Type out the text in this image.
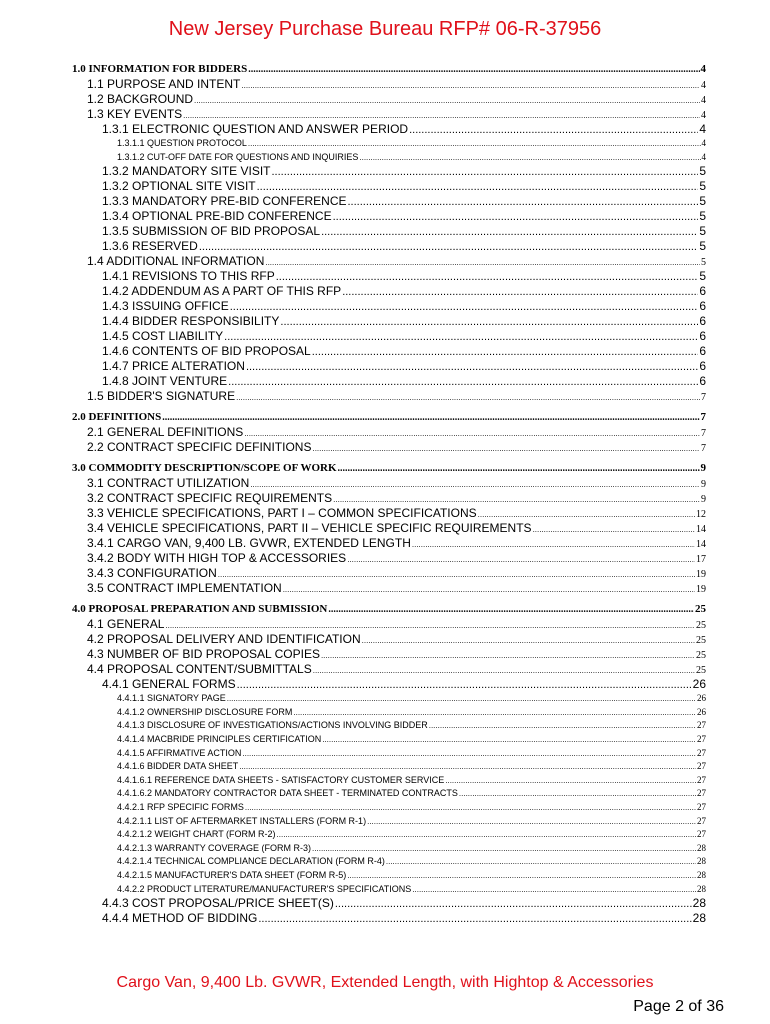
New Jersey Purchase Bureau RFP# 06-R-37956
1.0 INFORMATION FOR BIDDERS .....	4
1.1 PURPOSE AND INTENT .....	4
1.2 BACKGROUND .....	4
1.3 KEY EVENTS .....	4
1.3.1 ELECTRONIC QUESTION AND ANSWER PERIOD .....	4
1.3.1.1 QUESTION PROTOCOL .....	4
1.3.1.2 CUT-OFF DATE FOR QUESTIONS AND INQUIRIES .....	4
1.3.2 MANDATORY SITE VISIT .....	5
1.3.2 OPTIONAL SITE VISIT .....	5
1.3.3 MANDATORY PRE-BID CONFERENCE .....	5
1.3.4 OPTIONAL PRE-BID CONFERENCE .....	5
1.3.5 SUBMISSION OF BID PROPOSAL .....	5
1.3.6 RESERVED .....	5
1.4 ADDITIONAL INFORMATION .....	5
1.4.1 REVISIONS TO THIS RFP .....	5
1.4.2 ADDENDUM AS A PART OF THIS RFP .....	6
1.4.3 ISSUING OFFICE .....	6
1.4.4 BIDDER RESPONSIBILITY .....	6
1.4.5 COST LIABILITY .....	6
1.4.6 CONTENTS OF BID PROPOSAL .....	6
1.4.7 PRICE ALTERATION .....	6
1.4.8 JOINT VENTURE .....	6
1.5 BIDDER'S SIGNATURE .....	7
2.0 DEFINITIONS .....	7
2.1 GENERAL DEFINITIONS .....	7
2.2 CONTRACT SPECIFIC DEFINITIONS .....	7
3.0 COMMODITY DESCRIPTION/SCOPE OF WORK .....	9
3.1 CONTRACT UTILIZATION .....	9
3.2 CONTRACT SPECIFIC REQUIREMENTS .....	9
3.3 VEHICLE SPECIFICATIONS, PART I – COMMON SPECIFICATIONS .....	12
3.4 VEHICLE SPECIFICATIONS, PART II – VEHICLE SPECIFIC REQUIREMENTS .....	14
3.4.1 CARGO VAN, 9,400 LB. GVWR, EXTENDED LENGTH .....	14
3.4.2 BODY WITH HIGH TOP & ACCESSORIES .....	17
3.4.3 CONFIGURATION .....	19
3.5 CONTRACT IMPLEMENTATION .....	19
4.0 PROPOSAL PREPARATION AND SUBMISSION .....	25
4.1 GENERAL .....	25
4.2 PROPOSAL DELIVERY AND IDENTIFICATION .....	25
4.3 NUMBER OF BID PROPOSAL COPIES .....	25
4.4 PROPOSAL CONTENT/SUBMITTALS .....	25
4.4.1 GENERAL FORMS .....	26
4.4.1.1 SIGNATORY PAGE .....	26
4.4.1.2 OWNERSHIP DISCLOSURE FORM .....	26
4.4.1.3 DISCLOSURE OF INVESTIGATIONS/ACTIONS INVOLVING BIDDER .....	27
4.4.1.4 MACBRIDE PRINCIPLES CERTIFICATION .....	27
4.4.1.5 AFFIRMATIVE ACTION .....	27
4.4.1.6 BIDDER DATA SHEET .....	27
4.4.1.6.1 REFERENCE DATA SHEETS - SATISFACTORY CUSTOMER SERVICE .....	27
4.4.1.6.2 MANDATORY CONTRACTOR DATA SHEET - TERMINATED CONTRACTS .....	27
4.4.2.1 RFP SPECIFIC FORMS .....	27
4.4.2.1.1 LIST OF AFTERMARKET INSTALLERS (FORM R-1) .....	27
4.4.2.1.2 WEIGHT CHART (FORM R-2) .....	27
4.4.2.1.3 WARRANTY COVERAGE (FORM R-3) .....	28
4.4.2.1.4 TECHNICAL COMPLIANCE DECLARATION (FORM R-4) .....	28
4.4.2.1.5 MANUFACTURER'S DATA SHEET (FORM R-5) .....	28
4.4.2.2 PRODUCT LITERATURE/MANUFACTURER'S SPECIFICATIONS .....	28
4.4.3 COST PROPOSAL/PRICE SHEET(S) .....	28
4.4.4 METHOD OF BIDDING .....	28
Cargo Van, 9,400 Lb. GVWR, Extended Length, with Hightop & Accessories
Page 2 of 36
